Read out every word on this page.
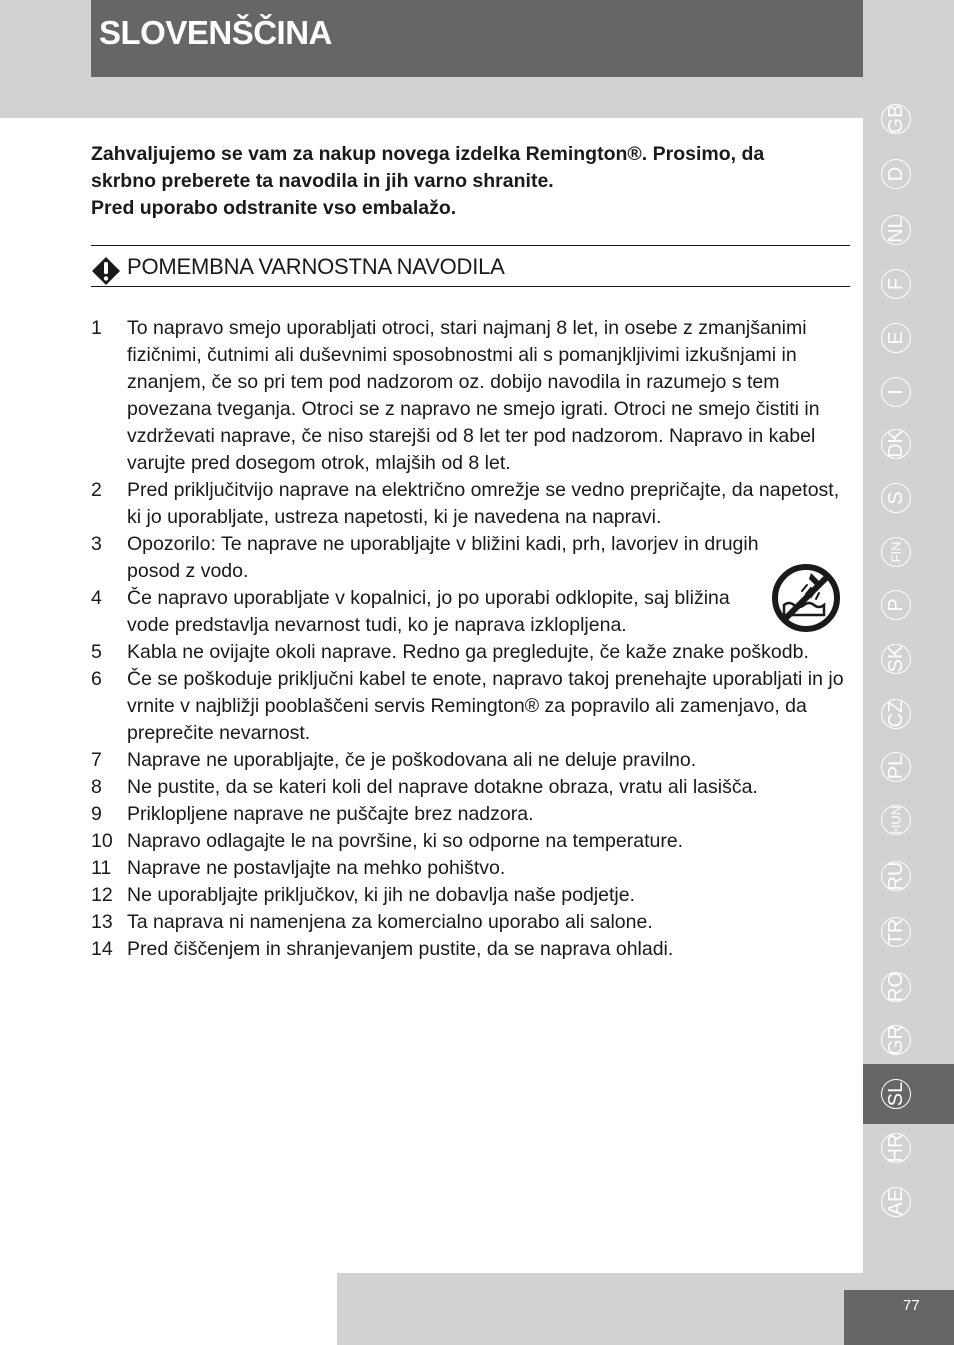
SLOVENŠČINA
77
GB
D
NL
F
E
I
DK
S
FIN
P
SK
CZ
PL
HUN
RU
TR
RO
GR
SL
HR
AE

Zahvaljujemo se vam za nakup novega izdelka Remington®. Prosimo, da skrbno preberete ta navodila in jih varno shranite.

Pred uporabo odstranite vso embalažo.

POMEMBNA VARNOSTNA NAVODILA
1 To napravo smejo uporabljati otroci, stari najmanj 8 let, in osebe z zmanjšanimi fizičnimi, čutnimi ali duševnimi sposobnostmi ali s pomanjkljivimi izkušnjami in znanjem, če so pri tem pod nadzorom oz. dobijo navodila in razumejo s tem povezana tveganja. Otroci se z napravo ne smejo igrati. Otroci ne smejo čistiti in vzdrževati naprave, če niso starejši od 8 let ter pod nadzorom. Napravo in kabel varujte pred dosegom otrok, mlajših od 8 let.
2 Pred priključitvijo naprave na električno omrežje se vedno prepričajte, da napetost, ki jo uporabljate, ustreza napetosti, ki je navedena na napravi.
3 Opozorilo: Te naprave ne uporabljajte v bližini kadi, prh, lavorjev in drugih posod z vodo.
4 Če napravo uporabljate v kopalnici, jo po uporabi odklopite, saj bližina vode predstavlja nevarnost tudi, ko je naprava izklopljena.
5 Kabla ne ovijajte okoli naprave. Redno ga pregledujte, če kaže znake poškodb.
6 Če se poškoduje priključni kabel te enote, napravo takoj prenehajte uporabljati in jo vrnite v najbližji pooblaščeni servis Remington® za popravilo ali zamenjavo, da preprečite nevarnost.
7 Naprave ne uporabljajte, če je poškodovana ali ne deluje pravilno.
8 Ne pustite, da se kateri koli del naprave dotakne obraza, vratu ali lasišča.
9 Priklopljene naprave ne puščajte brez nadzora.
10 Napravo odlagajte le na površine, ki so odporne na temperature.
11 Naprave ne postavljajte na mehko pohištvo.
12 Ne uporabljajte priključkov, ki jih ne dobavlja naše podjetje.
13 Ta naprava ni namenjena za komercialno uporabo ali salone.
14 Pred čiščenjem in shranjevanjem pustite, da se naprava ohladi.
